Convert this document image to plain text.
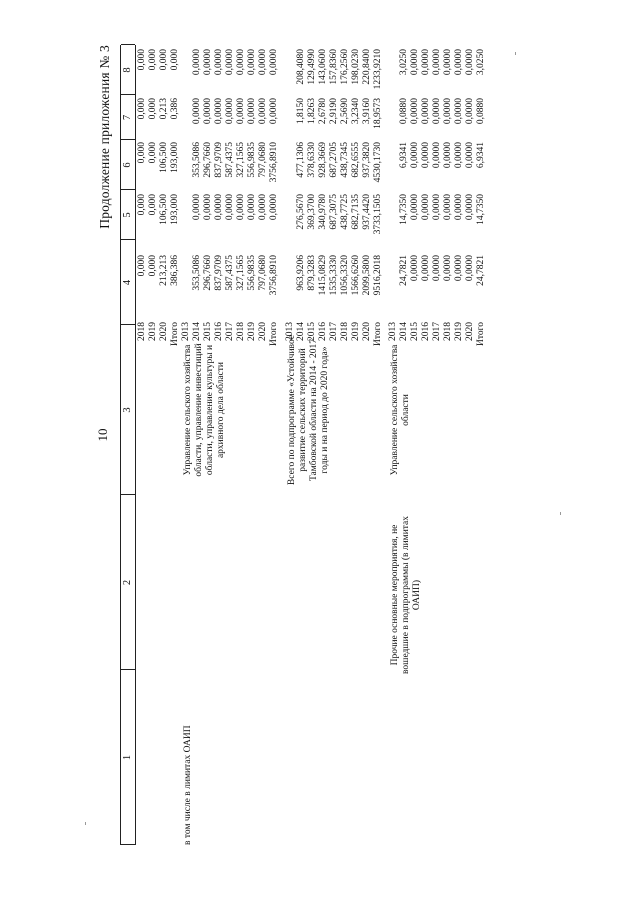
10
Продолжение приложения № 3
1
2
3
4
5
6
7
8
в том числе в лимитах ОАИП
2018 2019 2020 Итого
0,000 0,000 213,213 386,386
0,000 0,000 106,500 193,000
0,000 0,000 106,500 193,000
0,000 0,000 0,213 0,386
0,000 0,000 0,000 0,000
Управление сельского хозяйства области, управление инвестиций области, управление культуры и архивного дела области
2013 2014 2015 2016 2017 2018 2019 2020 Итого
353,5086 296,7660 837,9709 587,4375 327,1565 556,9835 797,0680 3756,8910
0,0000 0,0000 0,0000 0,0000 0,0000 0,0000 0,0000 0,0000
353,5086 296,7660 837,9709 587,4375 327,1565 556,9835 797,0680 3756,8910
0,0000 0,0000 0,0000 0,0000 0,0000 0,0000 0,0000 0,0000
0,0000 0,0000 0,0000 0,0000 0,0000 0,0000 0,0000 0,0000
Всего по подпрограмме «Устойчивое развитие сельских территорий Тамбовской области на 2014 - 2017 годы и на период до 2020 года»
2013 2014 2015 2016 2017 2018 2019 2020 Итого
963,9206 879,3283 1415,0829 1535,3330 1056,3320 1566,6260 2099,5800 9516,2018
276,5670 369,3700 340,9780 687,3075 438,7725 682,7135 937,4420 3733,1505
477,1306 378,6330 928,3669 687,2705 438,7345 682,6555 937,3820 4530,1730
1,8150 1,8263 2,6780 2,9190 2,5690 3,2340 3,9160 18,9573
208,4080 129,4990 143,0600 157,8360 176,2560 198,0230 220,8400 1233,9210
Прочие основные мероприятия, не вошедшие в подпрограммы (в лимитах ОАИП)
Управление сельского хозяйства области
2013 2014 2015 2016 2017 2018 2019 2020 Итого
24,7821 0,0000 0,0000 0,0000 0,0000 0,0000 0,0000 24,7821
14,7350 0,0000 0,0000 0,0000 0,0000 0,0000 0,0000 14,7350
6,9341 0,0000 0,0000 0,0000 0,0000 0,0000 0,0000 6,9341
0,0880 0,0000 0,0000 0,0000 0,0000 0,0000 0,0000 0,0880
3,0250 0,0000 0,0000 0,0000 0,0000 0,0000 0,0000 3,0250
